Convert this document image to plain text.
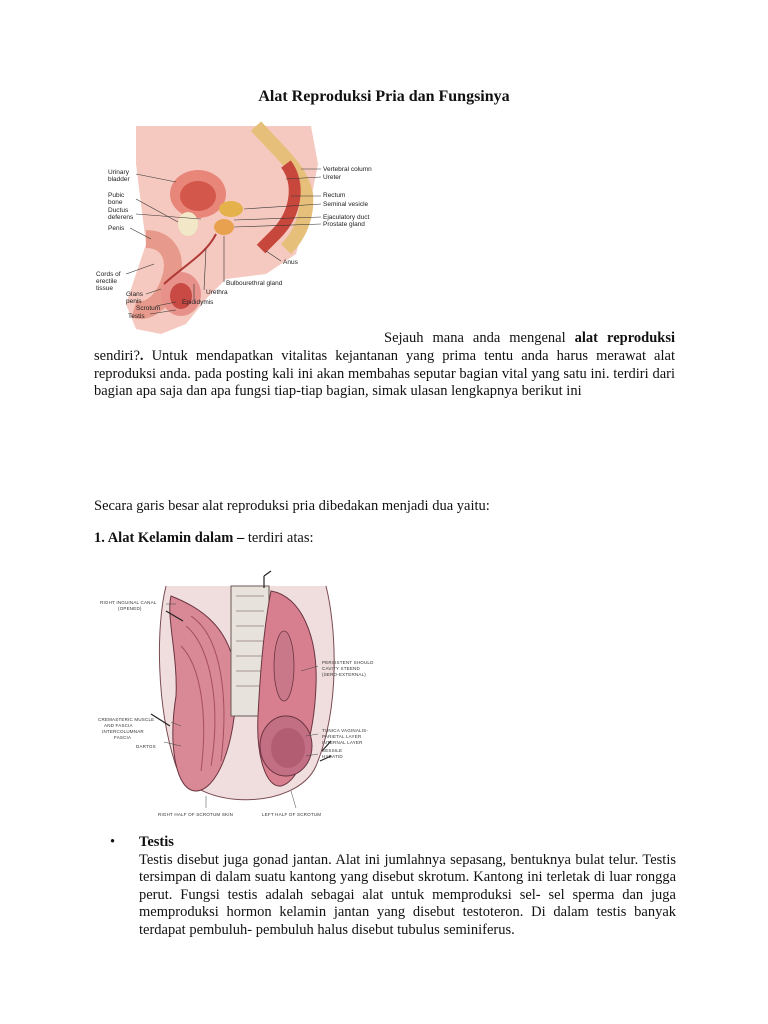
Alat Reproduksi Pria dan Fungsinya
Urinary
bladder
Pubic
bone
Ductus
deferens
Penis
Cords of
erectile
tissue
Glans
penis
Scrotum
Testis
Vertebral column
Ureter
Rectum
Seminal vesicle
Ejaculatory duct
Prostate gland
Anus
Bulbourethral gland
Urethra
Epididymis
Sejauh mana anda mengenal alat reproduksi
sendiri?. Untuk mendapatkan vitalitas kejantanan yang prima tentu anda harus merawat alat reproduksi anda. pada posting kali ini akan membahas seputar bagian vital yang satu ini. terdiri dari bagian apa saja dan apa fungsi tiap-tiap bagian, simak ulasan lengkapnya berikut ini
Secara garis besar alat reproduksi pria dibedakan menjadi dua yaitu:
1. Alat Kelamin dalam – terdiri atas:
RIGHT INGUINAL CANAL
(OPENED)
CREMASTERIC MUSCLE
AND FASCIA
INTERCOLUMNAR
FASCIA
DARTOS
PERSISTENT SHOULD
CAVITY STEEND
(SERO-EXTERNAL)
TUNICA VAGINALIS-
PARIETAL LAYER
INTERNAL LAYER
SESSILE
HYDATID
RIGHT HALF OF SCROTUM SKIN	LEFT HALF OF SCROTUM
• Testis
Testis disebut juga gonad jantan. Alat ini jumlahnya sepasang, bentuknya bulat telur. Testis tersimpan di dalam suatu kantong yang disebut skrotum. Kantong ini terletak di luar rongga perut. Fungsi testis adalah sebagai alat untuk memproduksi sel- sel sperma dan juga memproduksi hormon kelamin jantan yang disebut testoteron. Di dalam testis banyak terdapat pembuluh- pembuluh halus disebut tubulus seminiferus.
